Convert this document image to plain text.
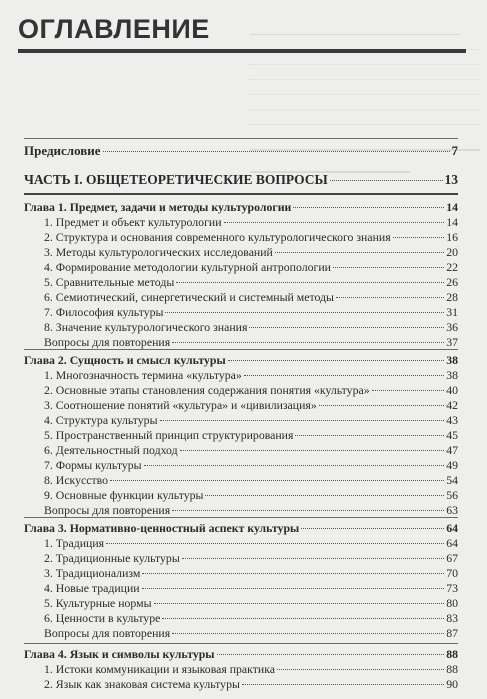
ОГЛАВЛЕНИЕ
Предисловие	7
ЧАСТЬ I. ОБЩЕТЕОРЕТИЧЕСКИЕ ВОПРОСЫ	13
Глава 1. Предмет, задачи и методы культурологии	14
1. Предмет и объект культурологии	14
2. Структура и основания современного культурологического знания	16
3. Методы культурологических исследований	20
4. Формирование методологии культурной антропологии	22
5. Сравнительные методы	26
6. Семиотический, синергетический и системный методы	28
7. Философия культуры	31
8. Значение культурологического знания	36
Вопросы для повторения	37
Глава 2. Сущность и смысл культуры	38
1. Многозначность термина «культура»	38
2. Основные этапы становления содержания понятия «культура»	40
3. Соотношение понятий «культура» и «цивилизация»	42
4. Структура культуры	43
5. Пространственный принцип структурирования	45
6. Деятельностный подход	47
7. Формы культуры	49
8. Искусство	54
9. Основные функции культуры	56
Вопросы для повторения	63
Глава 3. Нормативно-ценностный аспект культуры	64
1. Традиция	64
2. Традиционные культуры	67
3. Традиционализм	70
4. Новые традиции	73
5. Культурные нормы	80
6. Ценности в культуре	83
Вопросы для повторения	87
Глава 4. Язык и символы культуры	88
1. Истоки коммуникации и языковая практика	88
2. Язык как знаковая система культуры	90
